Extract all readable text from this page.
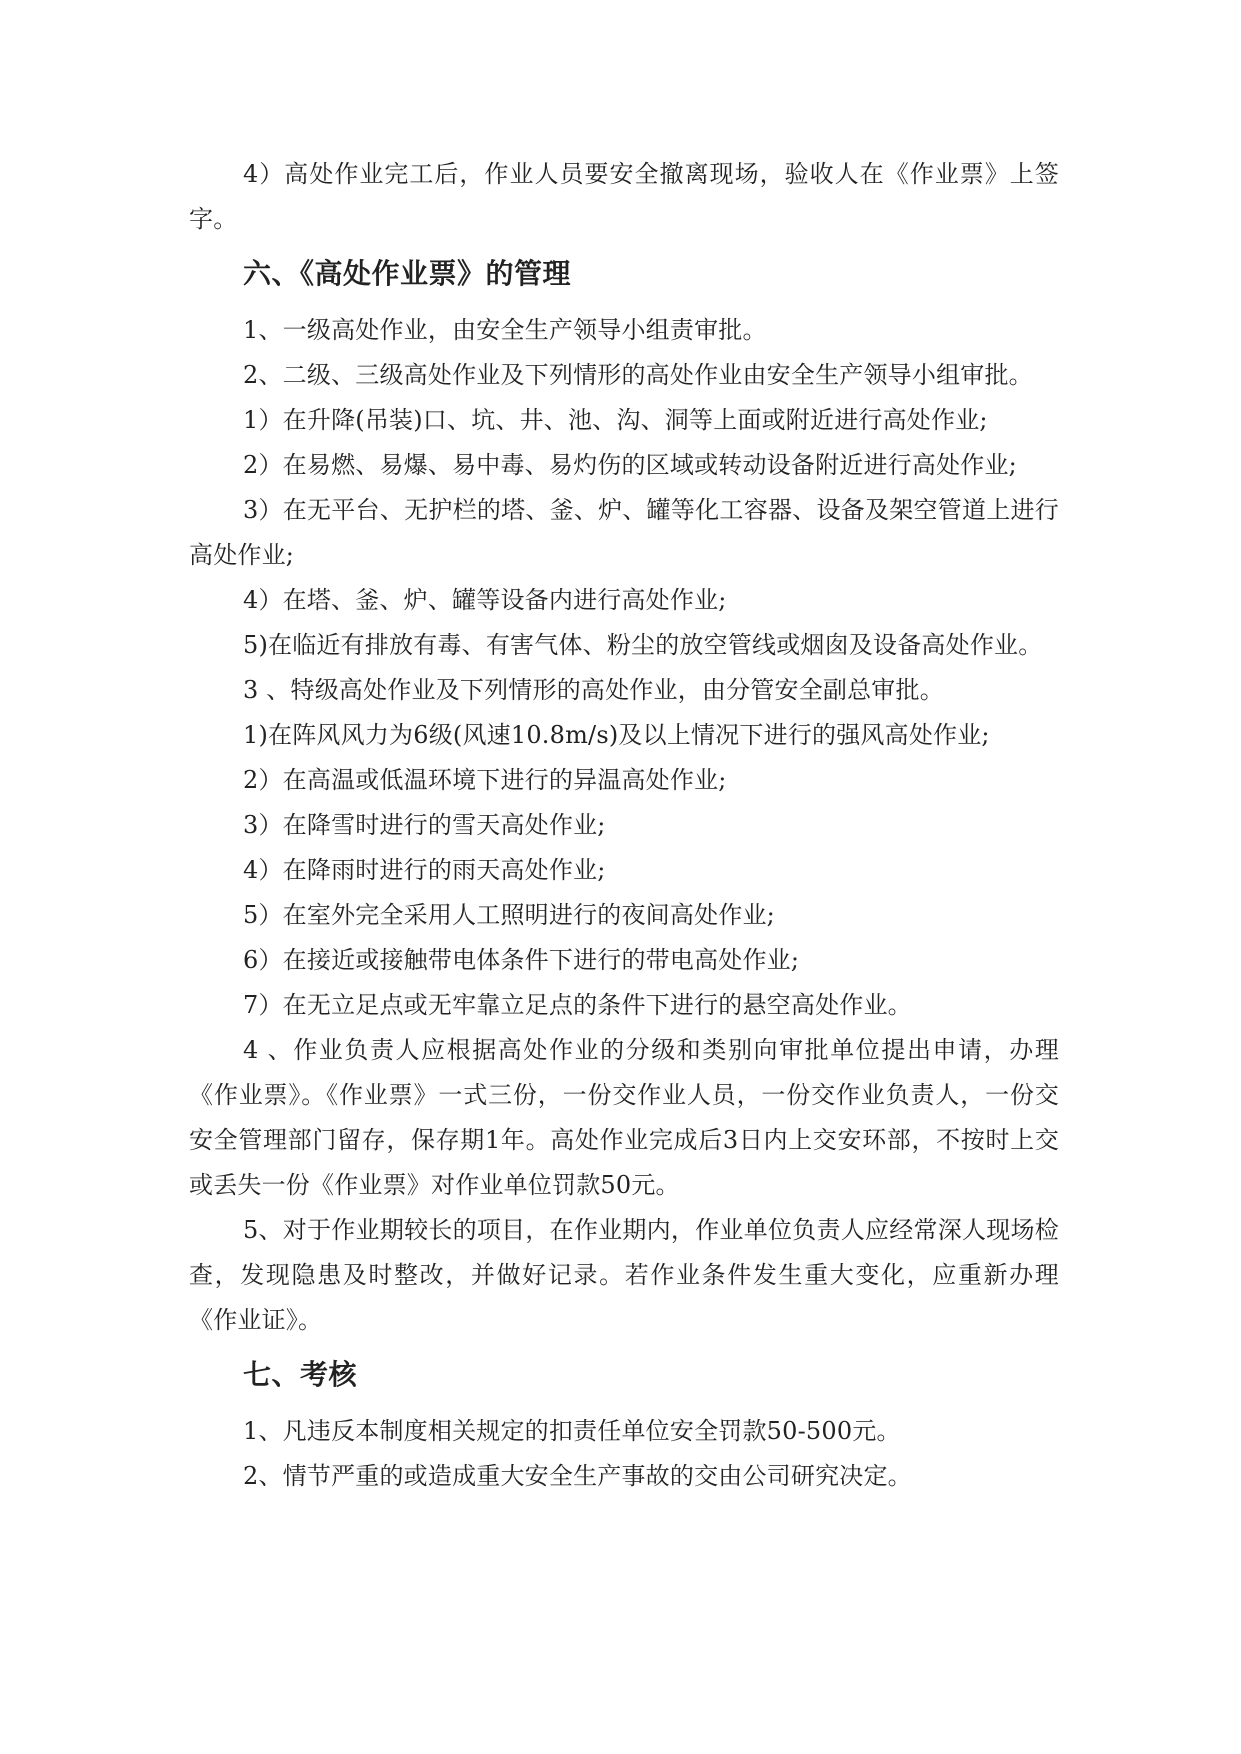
4）高处作业完工后，作业人员要安全撤离现场，验收人在《作业票》上签字。

六、《高处作业票》的管理

1、一级高处作业，由安全生产领导小组责审批。

2、二级、三级高处作业及下列情形的高处作业由安全生产领导小组审批。

1）在升降(吊装)口、坑、井、池、沟、洞等上面或附近进行高处作业;

2）在易燃、易爆、易中毒、易灼伤的区域或转动设备附近进行高处作业;

3）在无平台、无护栏的塔、釜、炉、罐等化工容器、设备及架空管道上进行高处作业;

4）在塔、釜、炉、罐等设备内进行高处作业;

5)在临近有排放有毒、有害气体、粉尘的放空管线或烟囱及设备高处作业。

3 、特级高处作业及下列情形的高处作业，由分管安全副总审批。

1)在阵风风力为6级(风速10.8m/s)及以上情况下进行的强风高处作业;

2）在高温或低温环境下进行的异温高处作业;

3）在降雪时进行的雪天高处作业;

4）在降雨时进行的雨天高处作业;

5）在室外完全采用人工照明进行的夜间高处作业;

6）在接近或接触带电体条件下进行的带电高处作业;

7）在无立足点或无牢靠立足点的条件下进行的悬空高处作业。

4 、作业负责人应根据高处作业的分级和类别向审批单位提出申请，办理《作业票》。《作业票》一式三份，一份交作业人员，一份交作业负责人，一份交安全管理部门留存，保存期1年。高处作业完成后3日内上交安环部，不按时上交或丢失一份《作业票》对作业单位罚款50元。

5、对于作业期较长的项目，在作业期内，作业单位负责人应经常深人现场检查，发现隐患及时整改，并做好记录。若作业条件发生重大变化，应重新办理《作业证》。

七、考核

1、凡违反本制度相关规定的扣责任单位安全罚款50-500元。

2、情节严重的或造成重大安全生产事故的交由公司研究决定。
